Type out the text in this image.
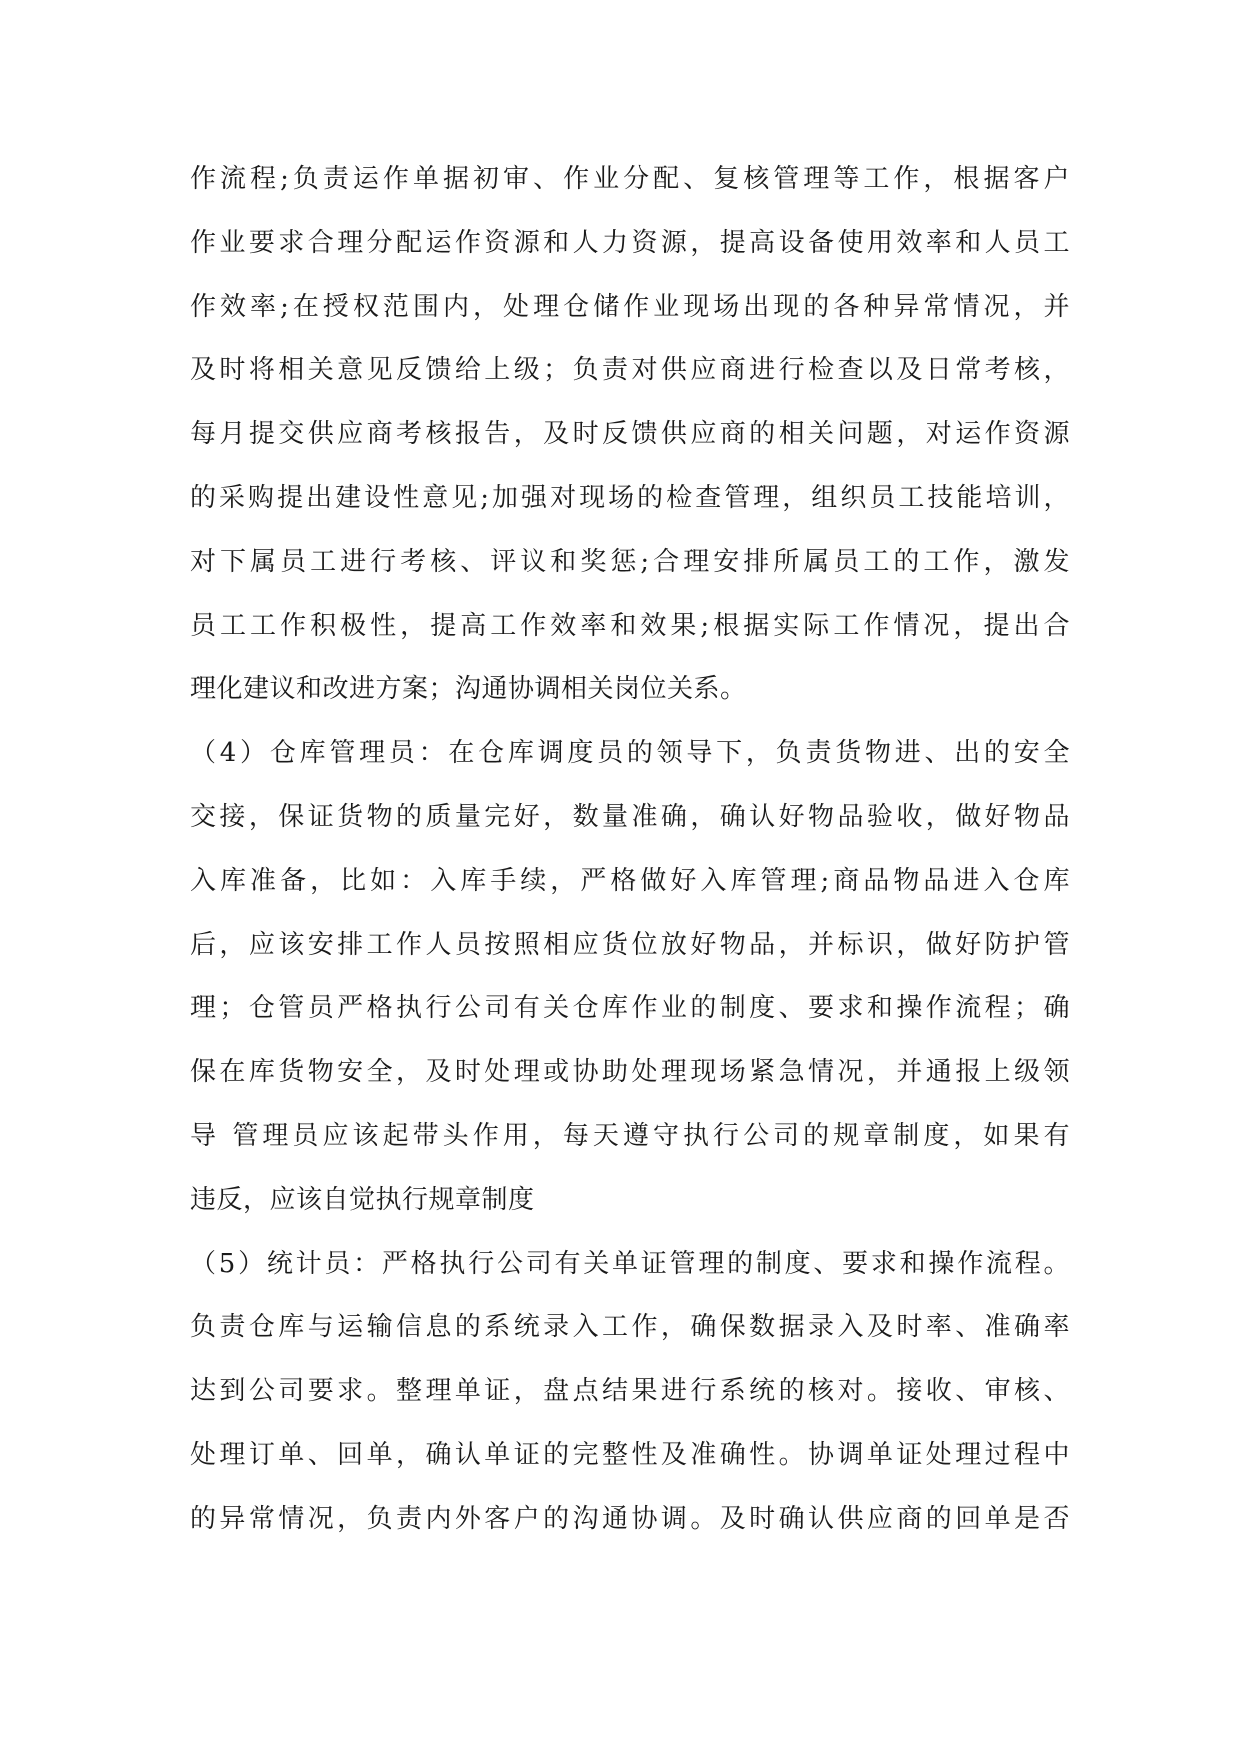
作流程;负责运作单据初审、作业分配、复核管理等工作，根据客户
作业要求合理分配运作资源和人力资源，提高设备使用效率和人员工
作效率;在授权范围内，处理仓储作业现场出现的各种异常情况，并
及时将相关意见反馈给上级；负责对供应商进行检查以及日常考核，
每月提交供应商考核报告，及时反馈供应商的相关问题，对运作资源
的采购提出建设性意见;加强对现场的检查管理，组织员工技能培训，
对下属员工进行考核、评议和奖惩;合理安排所属员工的工作，激发
员工工作积极性，提高工作效率和效果;根据实际工作情况，提出合
理化建议和改进方案；沟通协调相关岗位关系。
（4）仓库管理员：在仓库调度员的领导下，负责货物进、出的安全
交接，保证货物的质量完好，数量准确，确认好物品验收，做好物品
入库准备，比如：入库手续，严格做好入库管理;商品物品进入仓库
后，应该安排工作人员按照相应货位放好物品，并标识，做好防护管
理；仓管员严格执行公司有关仓库作业的制度、要求和操作流程；确
保在库货物安全，及时处理或协助处理现场紧急情况，并通报上级领
导 管理员应该起带头作用，每天遵守执行公司的规章制度，如果有
违反，应该自觉执行规章制度
（5）统计员：严格执行公司有关单证管理的制度、要求和操作流程。
负责仓库与运输信息的系统录入工作，确保数据录入及时率、准确率
达到公司要求。整理单证，盘点结果进行系统的核对。接收、审核、
处理订单、回单，确认单证的完整性及准确性。协调单证处理过程中
的异常情况，负责内外客户的沟通协调。及时确认供应商的回单是否
